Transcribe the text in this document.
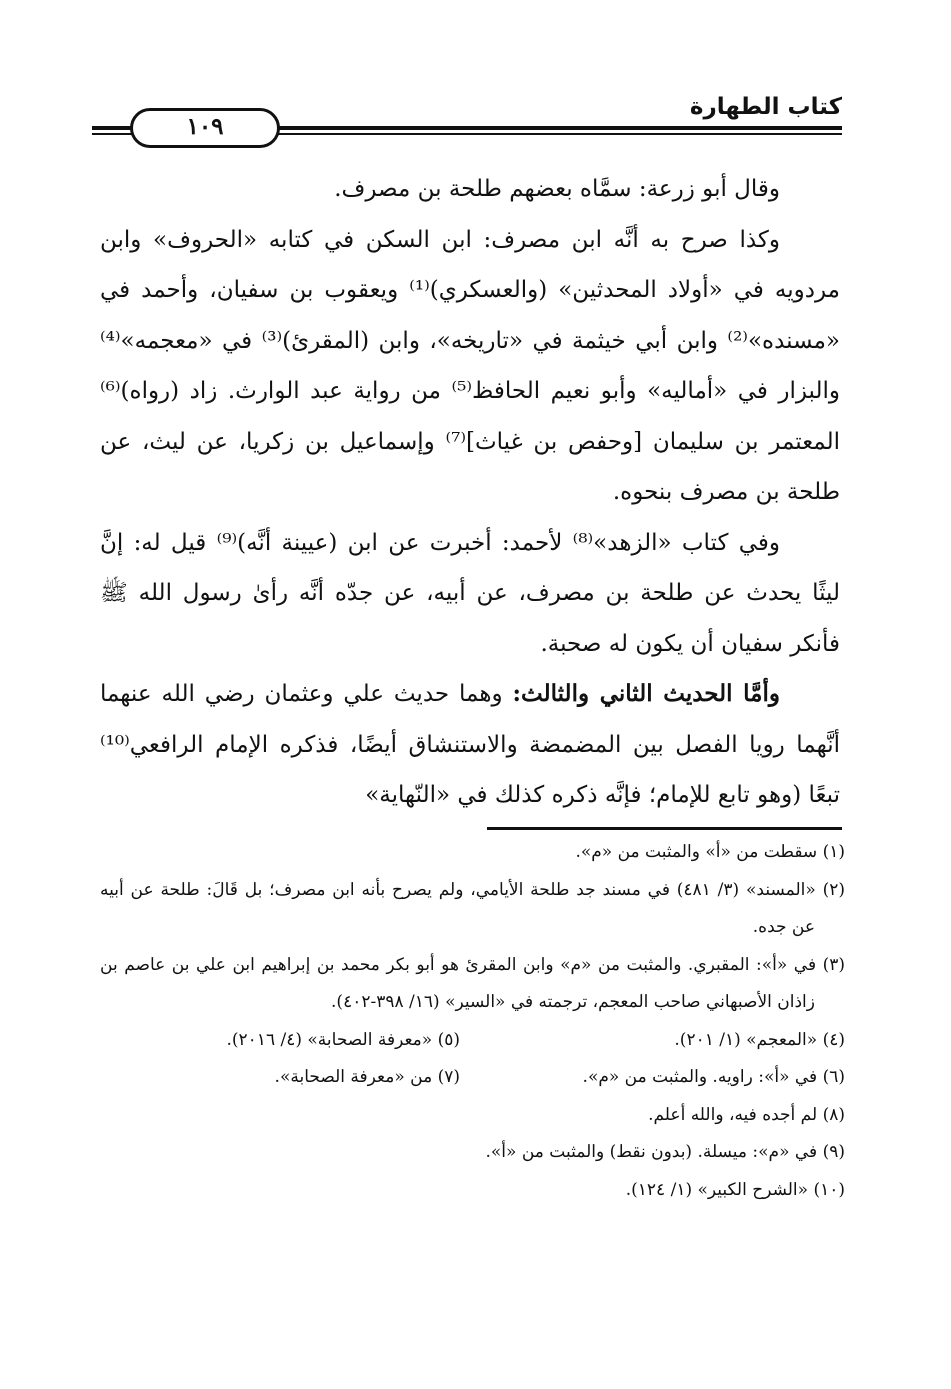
١٠٩
كتاب الطهارة

وقال أبو زرعة: سمَّاه بعضهم طلحة بن مصرف.

وكذا صرح به أنَّه ابن مصرف: ابن السكن في كتابه «الحروف» وابن مردويه في «أولاد المحدثين» (والعسكري)⁽¹⁾ ويعقوب بن سفيان، وأحمد في «مسنده»⁽²⁾ وابن أبي خيثمة في «تاريخه»، وابن (المقرئ)⁽³⁾ في «معجمه»⁽⁴⁾ والبزار في «أماليه» وأبو نعيم الحافظ⁽⁵⁾ من رواية عبد الوارث. زاد (رواه)⁽⁶⁾ المعتمر بن سليمان [وحفص بن غياث]⁽⁷⁾ وإسماعيل بن زكريا، عن ليث، عن طلحة بن مصرف بنحوه.

وفي كتاب «الزهد»⁽⁸⁾ لأحمد: أخبرت عن ابن (عيينة أنَّه)⁽⁹⁾ قيل له: إنَّ ليثًا يحدث عن طلحة بن مصرف، عن أبيه، عن جدّه أنَّه رأىٰ رسول الله ﷺ فأنكر سفيان أن يكون له صحبة.

وأمَّا الحديث الثاني والثالث: وهما حديث علي وعثمان رضي الله عنهما أنَّهما رويا الفصل بين المضمضة والاستنشاق أيضًا، فذكره الإمام الرافعي⁽¹⁰⁾ تبعًا (وهو تابع للإمام؛ فإنَّه ذكره كذلك في «النّهاية»

(١) سقطت من «أ» والمثبت من «م».

(٢) «المسند» (٣/ ٤٨١) في مسند جد طلحة الأيامي، ولم يصرح بأنه ابن مصرف؛ بل قَالَ: طلحة عن أبيه عن جده.

(٣) في «أ»: المقبري. والمثبت من «م» وابن المقرئ هو أبو بكر محمد بن إبراهيم ابن علي بن عاصم بن زاذان الأصبهاني صاحب المعجم، ترجمته في «السير» (١٦/ ٣٩٨-٤٠٢).

(٤) «المعجم» (١/ ٢٠١).

(٥) «معرفة الصحابة» (٤/ ٢٠١٦).

(٦) في «أ»: راويه. والمثبت من «م».

(٧) من «معرفة الصحابة».

(٨) لم أجده فيه، والله أعلم.

(٩) في «م»: ميسلة. (بدون نقط) والمثبت من «أ».

(١٠) «الشرح الكبير» (١/ ١٢٤).
